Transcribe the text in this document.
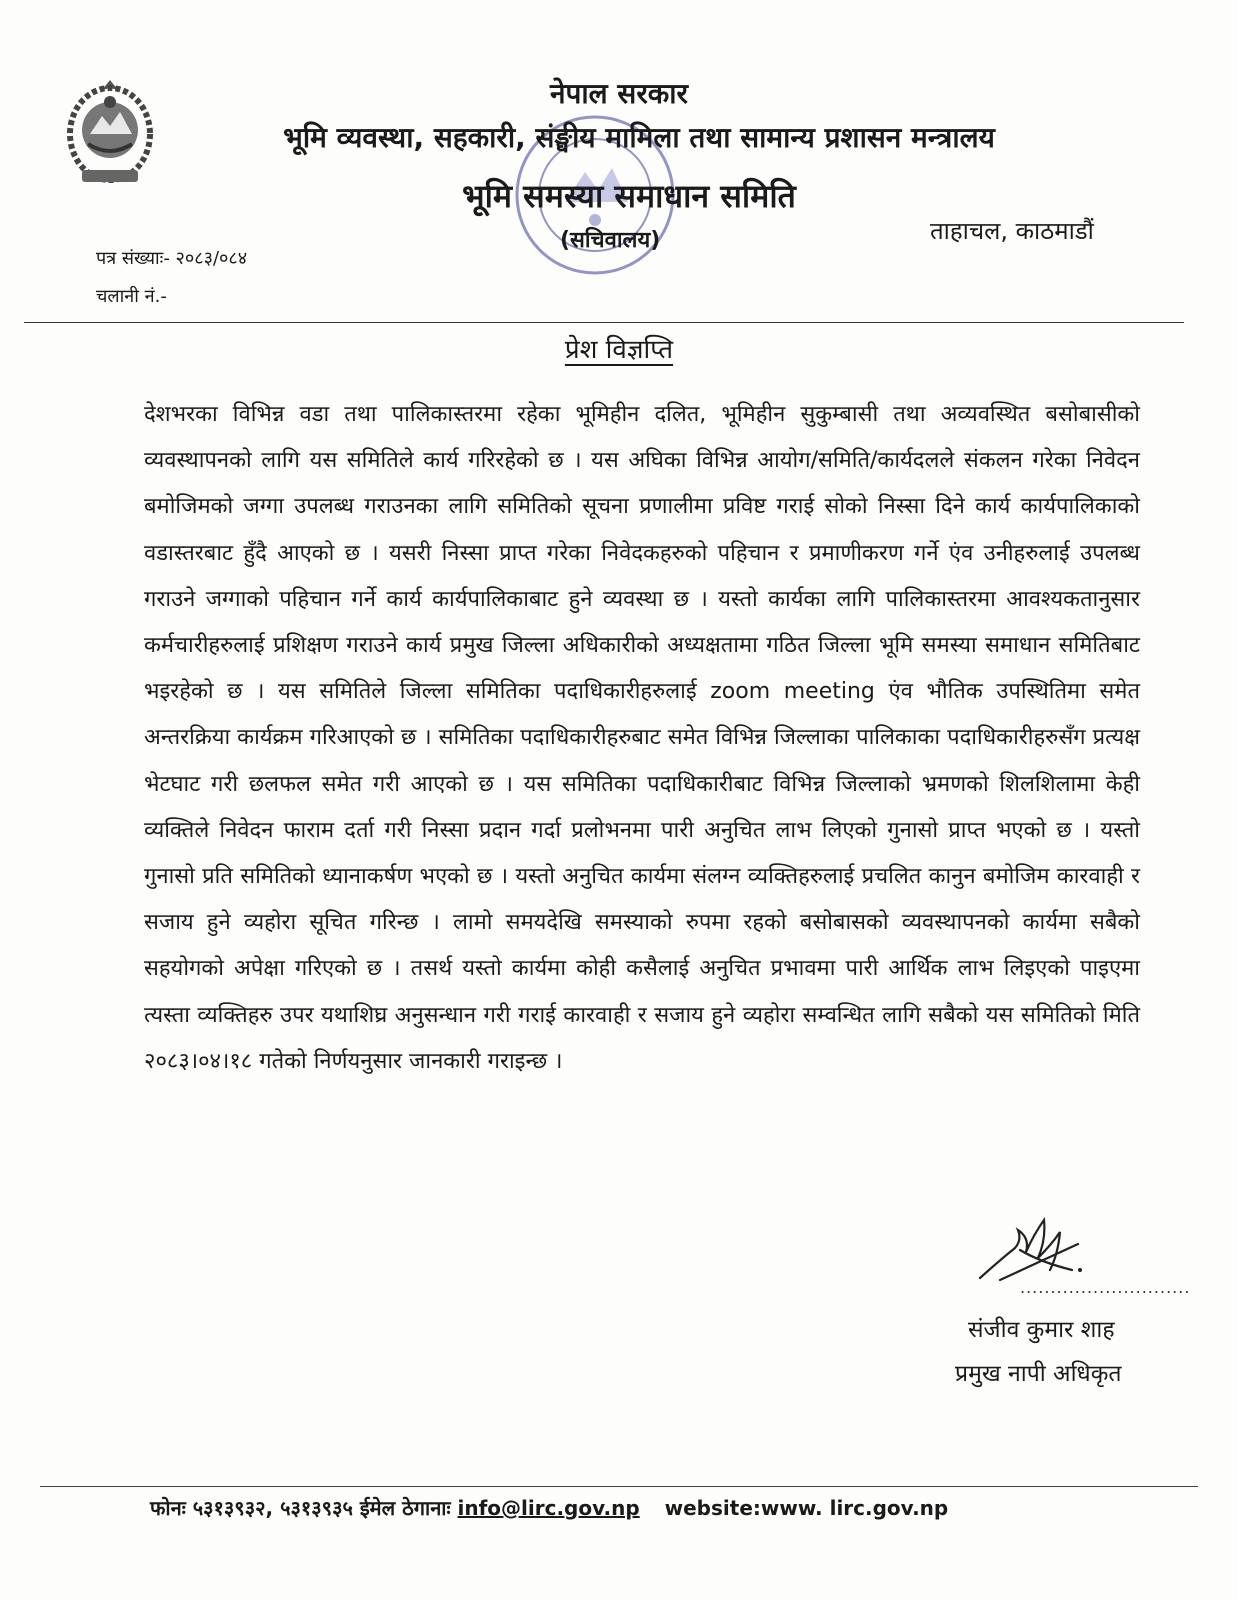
नेपाल सरकार
भूमि व्यवस्था, सहकारी, संङ्घीय मामिला तथा सामान्य प्रशासन मन्त्रालय
भूमि समस्या समाधान समिति
(सचिवालय)	ताहाचल, काठमाडौं
पत्र संख्याः- २०८३/०८४
चलानी नं.-
प्रेश विज्ञप्ति
देशभरका विभिन्न वडा तथा पालिकास्तरमा रहेका भूमिहीन दलित, भूमिहीन सुकुम्बासी तथा अव्यवस्थित बसोबासीको व्यवस्थापनको लागि यस समितिले कार्य गरिरहेको छ । यस अघिका विभिन्न आयोग/समिति/कार्यदलले संकलन गरेका निवेदन बमोजिमको जग्गा उपलब्ध गराउनका लागि समितिको सूचना प्रणालीमा प्रविष्ट गराई सोको निस्सा दिने कार्य कार्यपालिकाको वडास्तरबाट हुँदै आएको छ । यसरी निस्सा प्राप्त गरेका निवेदकहरुको पहिचान र प्रमाणीकरण गर्ने एंव उनीहरुलाई उपलब्ध गराउने जग्गाको पहिचान गर्ने कार्य कार्यपालिकाबाट हुने व्यवस्था छ । यस्तो कार्यका लागि पालिकास्तरमा आवश्यकतानुसार कर्मचारीहरुलाई प्रशिक्षण गराउने कार्य प्रमुख जिल्ला अधिकारीको अध्यक्षतामा गठित जिल्ला भूमि समस्या समाधान समितिबाट भइरहेको छ । यस समितिले जिल्ला समितिका पदाधिकारीहरुलाई zoom meeting एंव भौतिक उपस्थितिमा समेत अन्तरक्रिया कार्यक्रम गरिआएको छ । समितिका पदाधिकारीहरुबाट समेत विभिन्न जिल्लाका पालिकाका पदाधिकारीहरुसँग प्रत्यक्ष भेटघाट गरी छलफल समेत गरी आएको छ । यस समितिका पदाधिकारीबाट विभिन्न जिल्लाको भ्रमणको शिलशिलामा केही व्यक्तिले निवेदन फाराम दर्ता गरी निस्सा प्रदान गर्दा प्रलोभनमा पारी अनुचित लाभ लिएको गुनासो प्राप्त भएको छ । यस्तो गुनासो प्रति समितिको ध्यानाकर्षण भएको छ । यस्तो अनुचित कार्यमा संलग्न व्यक्तिहरुलाई प्रचलित कानुन बमोजिम कारवाही र सजाय हुने व्यहोरा सूचित गरिन्छ । लामो समयदेखि समस्याको रुपमा रहको बसोबासको व्यवस्थापनको कार्यमा सबैको सहयोगको अपेक्षा गरिएको छ । तसर्थ यस्तो कार्यमा कोही कसैलाई अनुचित प्रभावमा पारी आर्थिक लाभ लिइएको पाइएमा त्यस्ता व्यक्तिहरु उपर यथाशिघ्र अनुसन्धान गरी गराई कारवाही र सजाय हुने व्यहोरा सम्वन्धित लागि सबैको यस समितिको मिति २०८३।०४।१८ गतेको निर्णयनुसार जानकारी गराइन्छ ।
............................
संजीव कुमार शाह
प्रमुख नापी अधिकृत
फोनः ५३१३९३२, ५३१३९३५ ईमेल ठेगानाः info@lirc.gov.np website:www. lirc.gov.np
